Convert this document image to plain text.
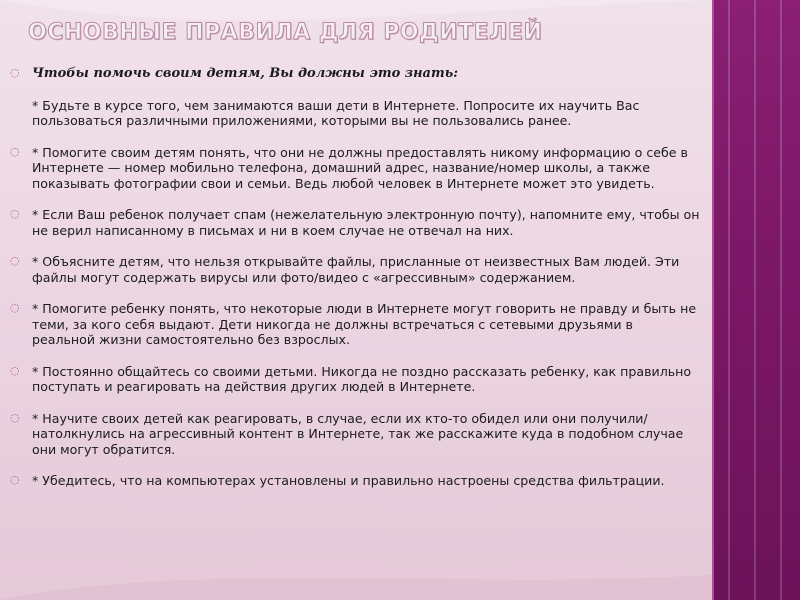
ОСНОВНЫЕ ПРАВИЛА ДЛЯ РОДИТЕЛЕЙ

◌ Чтобы помочь своим детям, Вы должны это знать:
* Будьте в курсе того, чем занимаются ваши дети в Интернете. Попросите их научить Вас пользоваться различными приложениями, которыми вы не пользовались ранее.

◌ * Помогите своим детям понять, что они не должны предоставлять никому информацию о себе в Интернете — номер мобильно телефона, домашний адрес, название/номер школы, а также показывать фотографии свои и семьи. Ведь любой человек в Интернете может это увидеть.

◌ * Если Ваш ребенок получает спам (нежелательную электронную почту), напомните ему, чтобы он не верил написанному в письмах и ни в коем случае не отвечал на них.

◌ * Объясните детям, что нельзя открывайте файлы, присланные от неизвестных Вам людей. Эти файлы могут содержать вирусы или фото/видео с «агрессивным» содержанием.

◌ * Помогите ребенку понять, что некоторые люди в Интернете могут говорить не правду и быть не теми, за кого себя выдают. Дети никогда не должны встречаться с сетевыми друзьями в реальной жизни самостоятельно без взрослых.

◌ * Постоянно общайтесь со своими детьми. Никогда не поздно рассказать ребенку, как правильно поступать и реагировать на действия других людей в Интернете.

◌ * Научите своих детей как реагировать, в случае, если их кто-то обидел или они получили/натолкнулись на агрессивный контент в Интернете, так же расскажите куда в подобном случае они могут обратится.

◌ * Убедитесь, что на компьютерах установлены и правильно настроены средства фильтрации.
